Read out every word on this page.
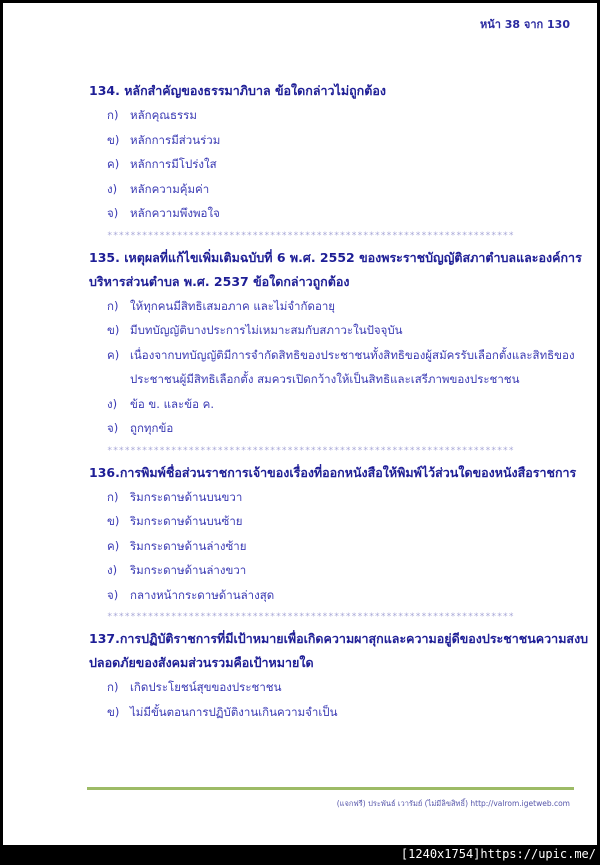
หน้า 38 จาก 130

134. หลักสำคัญของธรรมาภิบาล ข้อใดกล่าวไม่ถูกต้อง

ก)	หลักคุณธรรม
ข) หลักการมีส่วนร่วม
ค) หลักการมีโปร่งใส
ง)	หลักความคุ้มค่า
จ)	หลักความพึงพอใจ
**********************************************************************

135. เหตุผลที่แก้ไขเพิ่มเติมฉบับที่ 6 พ.ศ. 2552 ของพระราชบัญญัติสภาตำบลและองค์การบริหารส่วนตำบล พ.ศ. 2537 ข้อใดกล่าวถูกต้อง

ก)	ให้ทุกคนมีสิทธิเสมอภาค และไม่จำกัดอายุ
ข) มีบทบัญญัติบางประการไม่เหมาะสมกับสภาวะในปัจจุบัน
ค) เนื่องจากบทบัญญัติมีการจำกัดสิทธิของประชาชนทั้งสิทธิของผู้สมัครรับเลือกตั้งและสิทธิของประชาชนผู้มีสิทธิเลือกตั้ง สมควรเปิดกว้างให้เป็นสิทธิและเสรีภาพของประชาชน
ง)	ข้อ ข. และข้อ ค.
จ)	ถูกทุกข้อ
**********************************************************************

136.การพิมพ์ชื่อส่วนราชการเจ้าของเรื่องที่ออกหนังสือให้พิมพ์ไว้ส่วนใดของหนังสือราชการ

ก)	ริมกระดาษด้านบนขวา
ข) ริมกระดาษด้านบนซ้าย
ค) ริมกระดาษด้านล่างซ้าย
ง)	ริมกระดาษด้านล่างขวา
จ)	กลางหน้ากระดาษด้านล่างสุด
**********************************************************************

137.การปฏิบัติราชการที่มีเป้าหมายเพื่อเกิดความผาสุกและความอยู่ดีของประชาชนความสงบปลอดภัยของสังคมส่วนรวมคือเป้าหมายใด

ก)	เกิดประโยชน์สุขของประชาชน
ข) ไม่มีขั้นตอนการปฏิบัติงานเกินความจำเป็น
(แจกฟรี) ประพันธ์ เวารัมย์ (ไม่มีลิขสิทธิ์) http://valrom.igetweb.com
[1240x1754]https://upic.me/
